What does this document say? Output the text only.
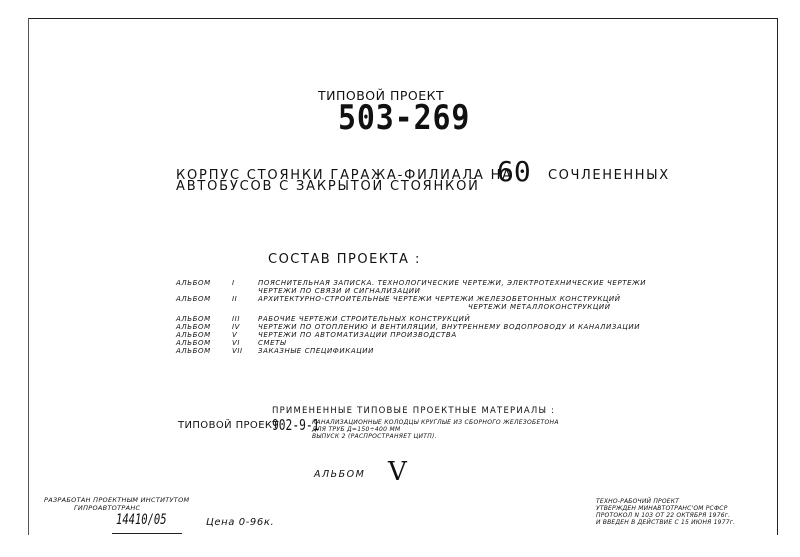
ТИПОВОЙ ПРОЕКТ
503-269
КОРПУС СТОЯНКИ ГАРАЖА-ФИЛИАЛА НА
АВТОБУСОВ С ЗАКРЫТОЙ СТОЯНКОЙ 60 СОЧЛЕНЕННЫХ
СОСТАВ ПРОЕКТА :
АЛЬБОМ	I	ПОЯСНИТЕЛЬНАЯ ЗАПИСКА. ТЕХНОЛОГИЧЕСКИЕ ЧЕРТЕЖИ, ЭЛЕКТРОТЕХНИЧЕСКИЕ ЧЕРТЕЖИ
ЧЕРТЕЖИ ПО СВЯЗИ И СИГНАЛИЗАЦИИ
АЛЬБОМ	II	АРХИТЕКТУРНО-СТРОИТЕЛЬНЫЕ ЧЕРТЕЖИ ЧЕРТЕЖИ ЖЕЛЕЗОБЕТОННЫХ КОНСТРУКЦИЙ
ЧЕРТЕЖИ МЕТАЛЛОКОНСТРУКЦИЙ
АЛЬБОМ	III	РАБОЧИЕ ЧЕРТЕЖИ СТРОИТЕЛЬНЫХ КОНСТРУКЦИЙ
АЛЬБОМ	IV	ЧЕРТЕЖИ ПО ОТОПЛЕНИЮ И ВЕНТИЛЯЦИИ, ВНУТРЕННЕМУ ВОДОПРОВОДУ И КАНАЛИЗАЦИИ
АЛЬБОМ	V	ЧЕРТЕЖИ ПО АВТОМАТИЗАЦИИ ПРОИЗВОДСТВА
АЛЬБОМ	VI	СМЕТЫ
АЛЬБОМ	VII	ЗАКАЗНЫЕ СПЕЦИФИКАЦИИ
ПРИМЕНЕННЫЕ ТИПОВЫЕ ПРОЕКТНЫЕ МАТЕРИАЛЫ :
ТИПОВОЙ ПРОЕКТ
902-9-1
КАНАЛИЗАЦИОННЫЕ КОЛОДЦЫ КРУГЛЫЕ ИЗ СБОРНОГО ЖЕЛЕЗОБЕТОНА
ДЛЯ ТРУБ Д=150÷400 ММ
ВЫПУСК 2 (РАСПРОСТРАНЯЕТ ЦИТП).
АЛЬБОМ V
РАЗРАБОТАН ПРОЕКТНЫМ ИНСТИТУТОМ
ГИПРОАВТОТРАНС
14410/05	Цена 0-96к.
ТЕХНО-РАБОЧИЙ ПРОЕКТ
УТВЕРЖДЕН МИНАВТОТРАНС'ОМ РСФСР
ПРОТОКОЛ N 103 ОТ 22 ОКТЯБРЯ 1976г.
И ВВЕДЕН В ДЕЙСТВИЕ С 15 ИЮНЯ 1977г.
